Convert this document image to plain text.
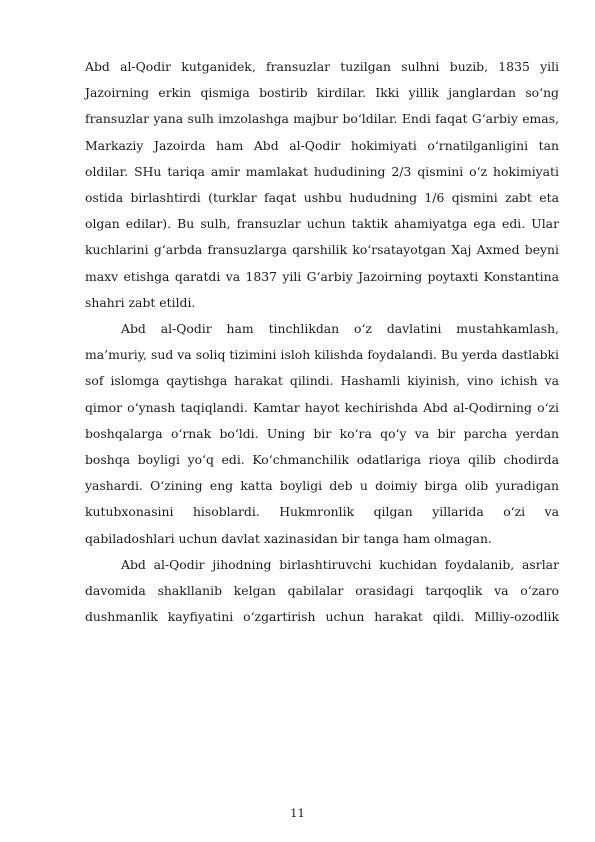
Abd al-Qodir kutganidek, fransuzlar tuzilgan sulhni buzib, 1835 yili Jazoirning erkin qismiga bostirib kirdilar. Ikki yillik janglardan so‘ng fransuzlar yana sulh imzolashga majbur bo‘ldilar. Endi faqat G‘arbiy emas, Markaziy Jazoirda ham Abd al-Qodir hokimiyati o‘rnatilganligini tan oldilar. SHu tariqa amir mamlakat hududining 2/3 qismini o‘z hokimiyati ostida birlashtirdi (turklar faqat ushbu hududning 1/6 qismini zabt eta olgan edilar). Bu sulh, fransuzlar uchun taktik ahamiyatga ega edi. Ular kuchlarini g‘arbda fransuzlarga qarshilik ko‘rsatayotgan Xaj Axmed beyni maxv etishga qaratdi va 1837 yili G‘arbiy Jazoirning poytaxti Konstantina shahri zabt etildi.

Abd al-Qodir ham tinchlikdan o‘z davlatini mustahkamlash, ma’muriy, sud va soliq tizimini isloh kilishda foydalandi. Bu yerda dastlabki sof islomga qaytishga harakat qilindi. Hashamli kiyinish, vino ichish va qimor o‘ynash taqiqlandi. Kamtar hayot kechirishda Abd al-Qodirning o‘zi boshqalarga o‘rnak bo‘ldi. Uning bir ko‘ra qo‘y va bir parcha yerdan boshqa boyligi yo‘q edi. Ko‘chmanchilik odatlariga rioya qilib chodirda yashardi. O‘zining eng katta boyligi deb u doimiy birga olib yuradigan kutubxonasini hisoblardi. Hukmronlik qilgan yillarida o‘zi va qabiladoshlari uchun davlat xazinasidan bir tanga ham olmagan.

Abd al-Qodir jihodning birlashtiruvchi kuchidan foydalanib, asrlar davomida shakllanib kelgan qabilalar orasidagi tarqoqlik va o‘zaro dushmanlik kayfiyatini o‘zgartirish uchun harakat qildi. Milliy-ozodlik

11
